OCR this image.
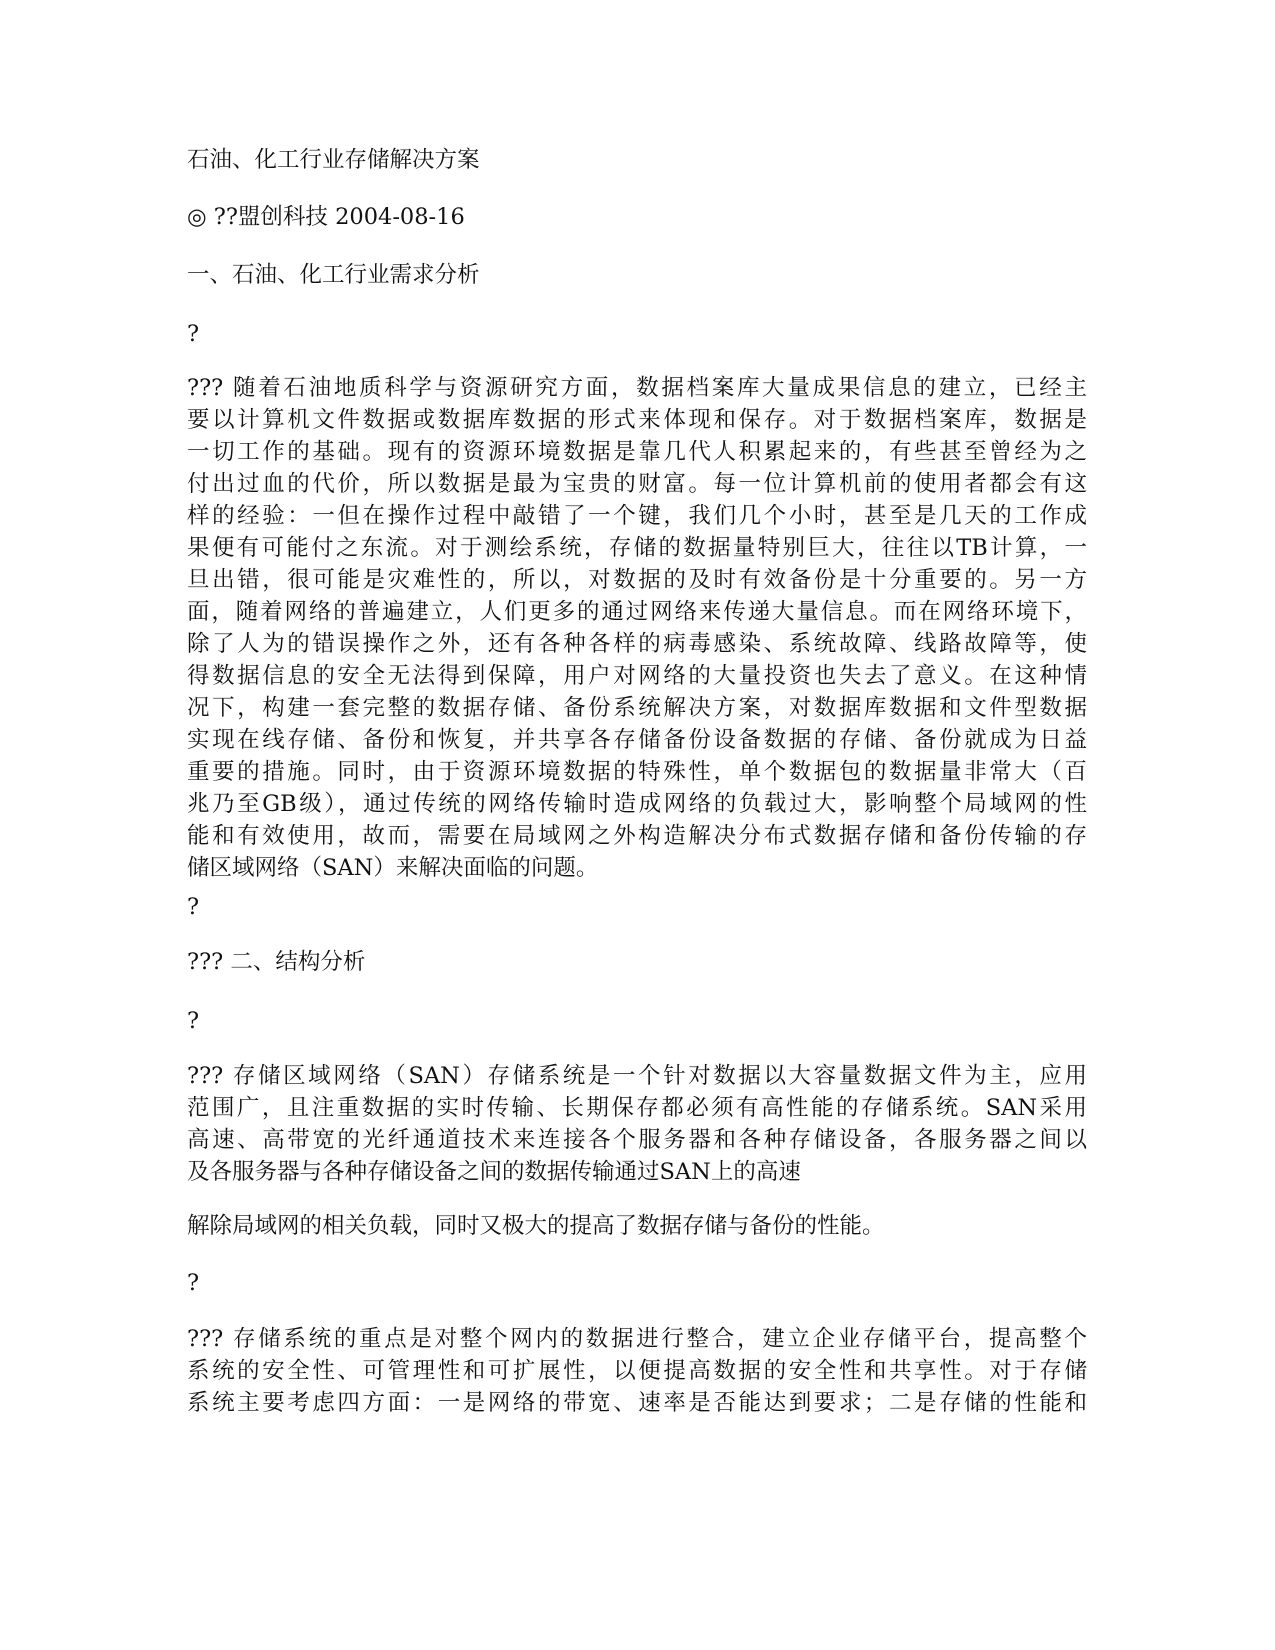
石油、化工行业存储解决方案
◎ ??盟创科技 2004-08-16
一、石油、化工行业需求分析
?
??? 随着石油地质科学与资源研究方面，数据档案库大量成果信息的建立，已经主
要以计算机文件数据或数据库数据的形式来体现和保存。对于数据档案库，数据是
一切工作的基础。现有的资源环境数据是靠几代人积累起来的，有些甚至曾经为之
付出过血的代价，所以数据是最为宝贵的财富。每一位计算机前的使用者都会有这
样的经验：一但在操作过程中敲错了一个键，我们几个小时，甚至是几天的工作成
果便有可能付之东流。对于测绘系统，存储的数据量特别巨大，往往以TB计算，一
旦出错，很可能是灾难性的，所以，对数据的及时有效备份是十分重要的。另一方
面，随着网络的普遍建立，人们更多的通过网络来传递大量信息。而在网络环境下，
除了人为的错误操作之外，还有各种各样的病毒感染、系统故障、线路故障等，使
得数据信息的安全无法得到保障，用户对网络的大量投资也失去了意义。在这种情
况下，构建一套完整的数据存储、备份系统解决方案，对数据库数据和文件型数据
实现在线存储、备份和恢复，并共享各存储备份设备数据的存储、备份就成为日益
重要的措施。同时，由于资源环境数据的特殊性，单个数据包的数据量非常大（百
兆乃至GB级），通过传统的网络传输时造成网络的负载过大，影响整个局域网的性
能和有效使用，故而，需要在局域网之外构造解决分布式数据存储和备份传输的存
储区域网络（SAN）来解决面临的问题。
?
??? 二、结构分析
?
??? 存储区域网络（SAN）存储系统是一个针对数据以大容量数据文件为主，应用
范围广，且注重数据的实时传输、长期保存都必须有高性能的存储系统。SAN采用
高速、高带宽的光纤通道技术来连接各个服务器和各种存储设备，各服务器之间以
及各服务器与各种存储设备之间的数据传输通过SAN上的高速
解除局域网的相关负载，同时又极大的提高了数据存储与备份的性能。
?
??? 存储系统的重点是对整个网内的数据进行整合，建立企业存储平台，提高整个
系统的安全性、可管理性和可扩展性，以便提高数据的安全性和共享性。对于存储
系统主要考虑四方面：一是网络的带宽、速率是否能达到要求；二是存储的性能和
